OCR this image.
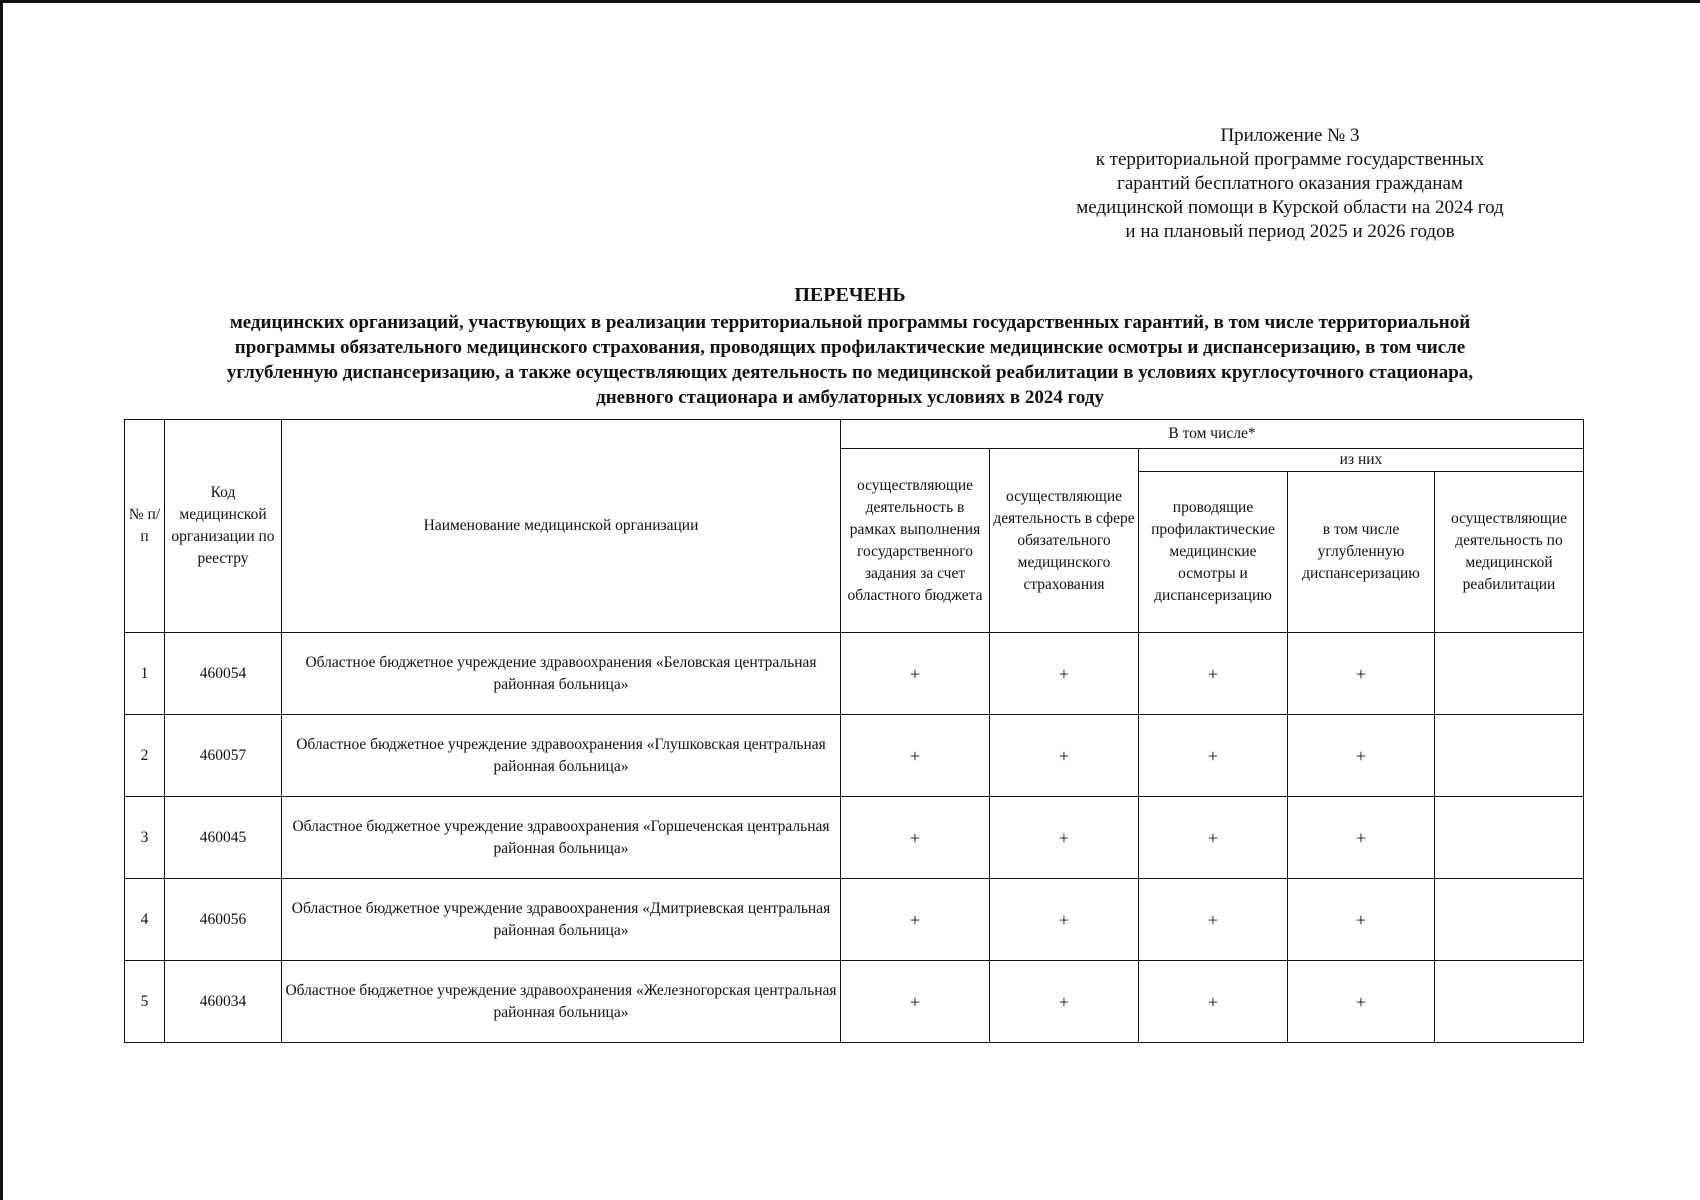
Приложение № 3
к территориальной программе государственных
гарантий бесплатного оказания гражданам
медицинской помощи в Курской области на 2024 год
и на плановый период 2025 и 2026 годов
ПЕРЕЧЕНЬ
медицинских организаций, участвующих в реализации территориальной программы государственных гарантий, в том числе территориальной
программы обязательного медицинского страхования, проводящих профилактические медицинские осмотры и диспансеризацию, в том числе
углубленную диспансеризацию, а также осуществляющих деятельность по медицинской реабилитации в условиях круглосуточного стационара,
дневного стационара и амбулаторных условиях в 2024 году
№ п/п	Код медицинской организации по реестру	Наименование медицинской организации	В том числе*				
			осуществляющие деятельность в рамках выполнения государственного задания за счет областного бюджета	осуществляющие деятельность в сфере обязательного медицинского страхования	из них		
					проводящие профилактические медицинские осмотры и диспансеризацию	в том числе углубленную диспансеризацию	осуществляющие деятельность по медицинской реабилитации
1	460054	Областное бюджетное учреждение здравоохранения «Беловская центральная районная больница»	+	+	+	+	
2	460057	Областное бюджетное учреждение здравоохранения «Глушковская центральная районная больница»	+	+	+	+	
3	460045	Областное бюджетное учреждение здравоохранения «Горшеченская центральная районная больница»	+	+	+	+	
4	460056	Областное бюджетное учреждение здравоохранения «Дмитриевская центральная районная больница»	+	+	+	+	
5	460034	Областное бюджетное учреждение здравоохранения «Железногорская центральная районная больница»	+	+	+	+	
